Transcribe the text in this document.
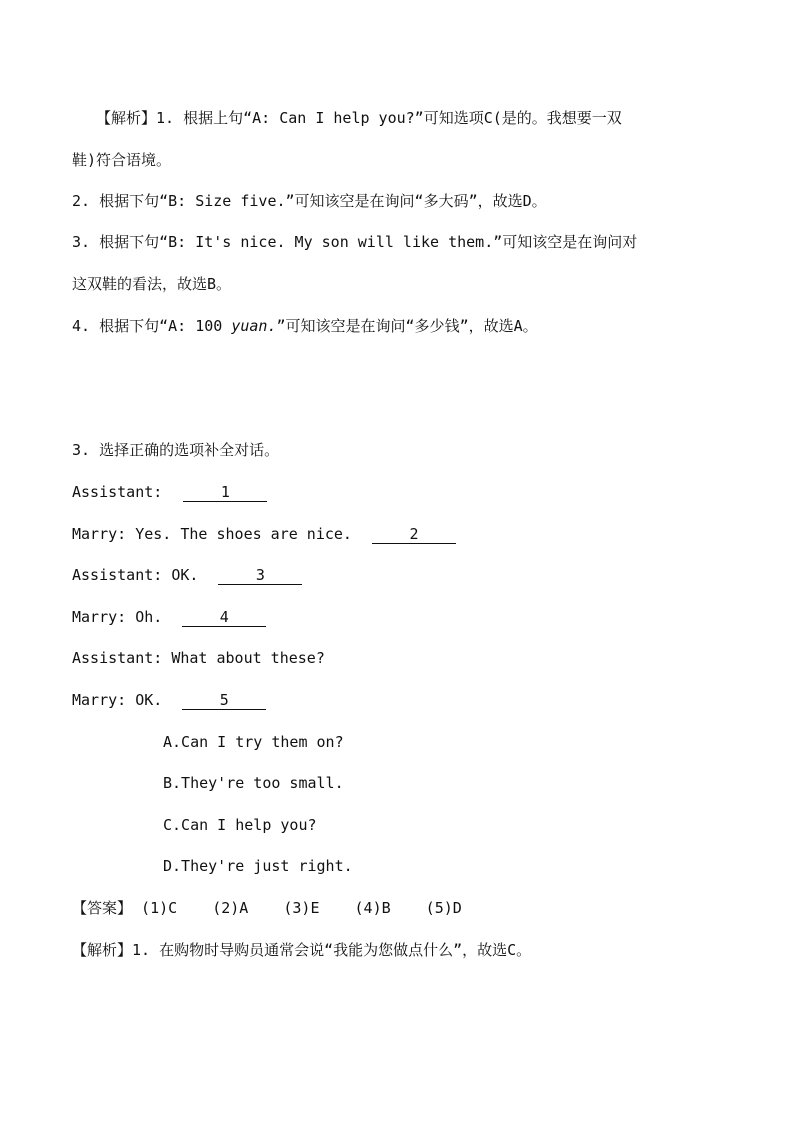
【解析】1. 根据上句“A: Can I help you?”可知选项C(是的。我想要一双
鞋)符合语境。
2. 根据下句“B: Size five.”可知该空是在询问“多大码”，故选D。
3. 根据下句“B: It's nice. My son will like them.”可知该空是在询问对
这双鞋的看法，故选B。
4. 根据下句“A: 100 yuan.”可知该空是在询问“多少钱”，故选A。
3. 选择正确的选项补全对话。
Assistant:	1
Marry: Yes. The shoes are nice.	2
Assistant: OK.	3
Marry: Oh.	4
Assistant: What about these?
Marry: OK.	5
A.Can I try them on?
B.They're too small.
C.Can I help you?
D.They're just right.
【答案】 (1)C (2)A (3)E (4)B (5)D
【解析】1. 在购物时导购员通常会说“我能为您做点什么”，故选C。
